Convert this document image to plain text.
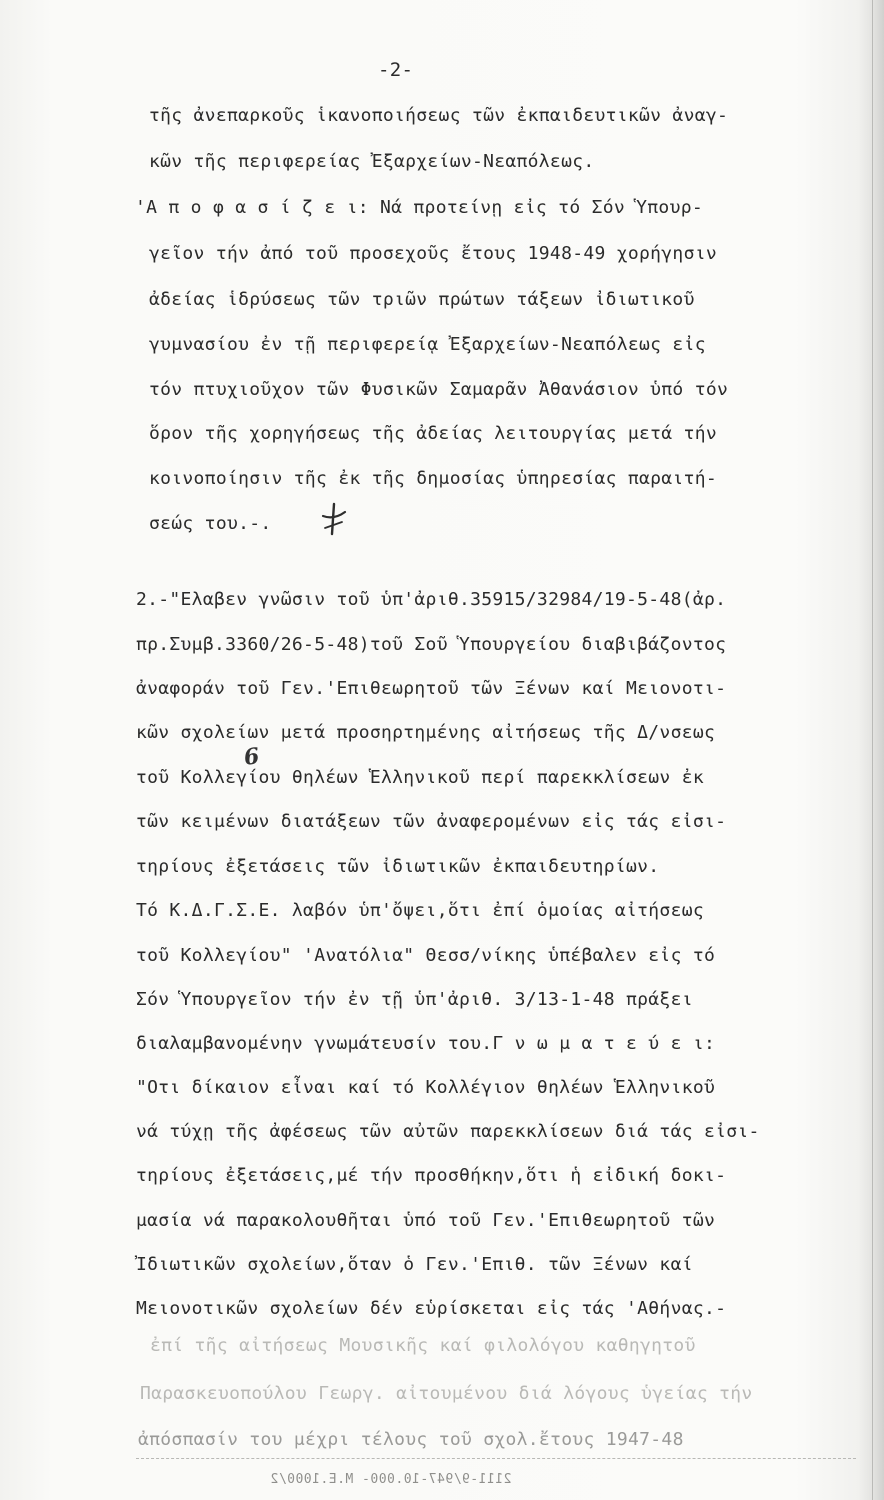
-2-
τῆς ἀνεπαρκοῦς ἱκανοποιήσεως τῶν ἐκπαιδευτικῶν ἀναγ-
κῶν τῆς περιφερείας Ἐξαρχείων-Νεαπόλεως.
'Α π ο φ α σ ί ζ ε ι: Νά προτείνῃ εἰς τό Σόν Ὑπουρ-
γεῖον τήν ἀπό τοῦ προσεχοῦς ἔτους 1948-49 χορήγησιν
ἀδείας ἱδρύσεως τῶν τριῶν πρώτων τάξεων ἰδιωτικοῦ
γυμνασίου ἐν τῇ περιφερείᾳ Ἐξαρχείων-Νεαπόλεως εἰς
τόν πτυχιοῦχον τῶν Φυσικῶν Σαμαρᾶν Ἀθανάσιον ὑπό τόν
ὅρον τῆς χορηγήσεως τῆς ἀδείας λειτουργίας μετά τήν
κοινοποίησιν τῆς ἐκ τῆς δημοσίας ὑπηρεσίας παραιτή-
σεώς του.-.
2.-"Ελαβεν γνῶσιν τοῦ ὑπ'ἀριθ.35915/32984/19-5-48(ἀρ.
πρ.Συμβ.3360/26-5-48)τοῦ Σοῦ Ὑπουργείου διαβιβάζοντος
ἀναφοράν τοῦ Γεν.'Επιθεωρητοῦ τῶν Ξένων καί Μειονοτι-
κῶν σχολείων μετά προσηρτημένης αἰτήσεως τῆς Δ/νσεως
τοῦ Κολλεγίου θηλέων Ἑλληνικοῦ περί παρεκκλίσεων ἐκ
τῶν κειμένων διατάξεων τῶν ἀναφερομένων εἰς τάς εἰσι-
τηρίους ἐξετάσεις τῶν ἰδιωτικῶν ἐκπαιδευτηρίων.
Τό Κ.Δ.Γ.Σ.Ε. λαβόν ὑπ'ὄψει,ὅτι ἐπί ὁμοίας αἰτήσεως
τοῦ Κολλεγίου" 'Ανατόλια" Θεσσ/νίκης ὑπέβαλεν εἰς τό
Σόν Ὑπουργεῖον τήν ἐν τῇ ὑπ'ἀριθ. 3/13-1-48 πράξει
διαλαμβανομένην γνωμάτευσίν του.Γ ν ω μ α τ ε ύ ε ι:
"Οτι δίκαιον εἶναι καί τό Κολλέγιον θηλέων Ἑλληνικοῦ
νά τύχῃ τῆς ἀφέσεως τῶν αὐτῶν παρεκκλίσεων διά τάς εἰσι-
τηρίους ἐξετάσεις,μέ τήν προσθήκην,ὅτι ἡ εἰδική δοκι-
μασία νά παρακολουθῆται ὑπό τοῦ Γεν.'Επιθεωρητοῦ τῶν
Ἰδιωτικῶν σχολείων,ὅταν ὁ Γεν.'Επιθ. τῶν Ξένων καί
Μειονοτικῶν σχολείων δέν εὑρίσκεται εἰς τάς 'Αθήνας.-
6
ἐπί τῆς αἰτήσεως Μουσικῆς καί φιλολόγου καθηγητοῦ
Παρασκευοπούλου Γεωργ. αἰτουμένου διά λόγους ὑγείας τήν
ἀπόσπασίν του μέχρι τέλους τοῦ σχολ.ἔτους 1947-48
2111-9/947-10.000- M.E.1000/2
